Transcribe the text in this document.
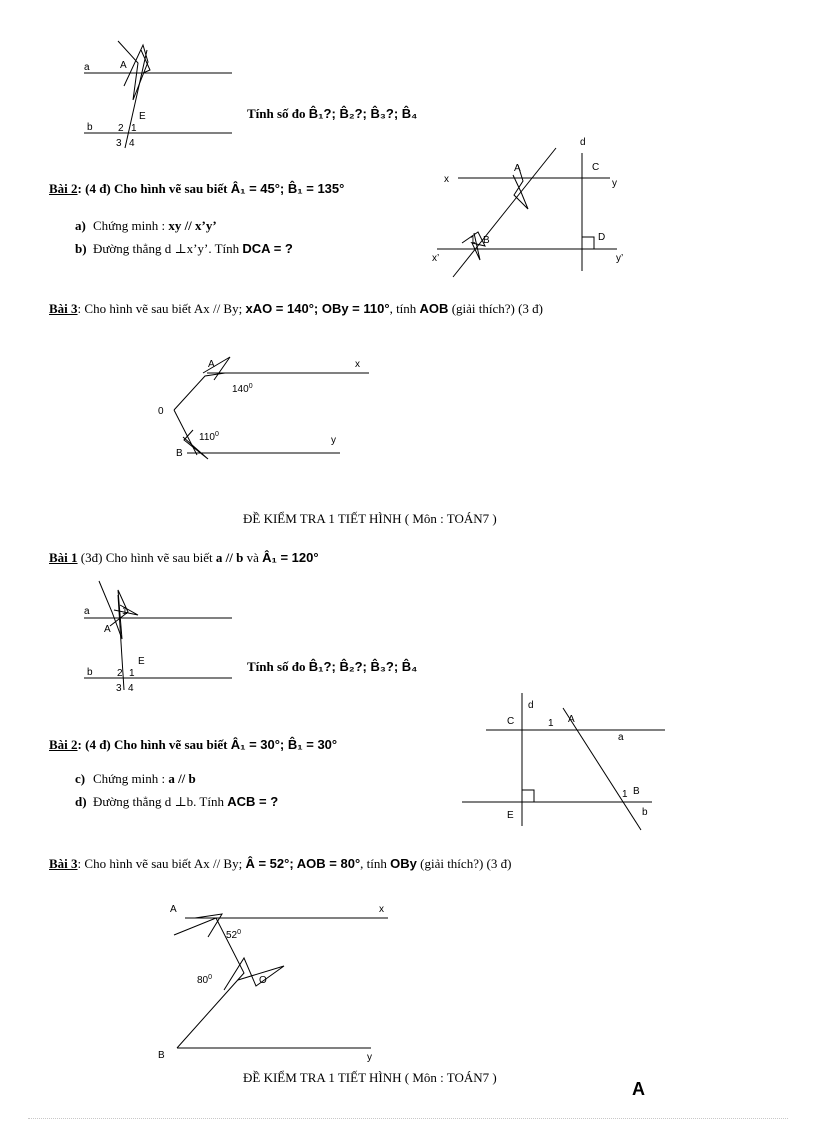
a	A
E
b	2 1
3 4	d
C
x	y
A
D
B
1
x’	y’
A	x
$140^0$
0
$110^0$
y
B
a	1
A
b
E
2 1
3 4
d
C	1 A
a
1 B
E	b
A	x
$52^0$
$80^0$	O
B	y
Tính số đo B̂₁?; B̂₂?; B̂₃?; B̂₄
Bài 2: (4 đ) Cho hình vẽ sau biết Â₁ = 45°; B̂₁ = 135°
a) Chứng minh : xy // x’y’
b) Đường thẳng d ⊥x’y’. Tính DCA = ?
Bài 3: Cho hình vẽ sau biết Ax // By; xAO = 140°; OBy = 110°, tính AOB (giải thích?) (3 đ)
ĐỀ KIỂM TRA 1 TIẾT HÌNH ( Môn : TOÁN7 )
Bài 1 (3đ) Cho hình vẽ sau biết a // b và Â₁ = 120°
Tính số đo B̂₁?; B̂₂?; B̂₃?; B̂₄
Bài 2: (4 đ) Cho hình vẽ sau biết Â₁ = 30°; B̂₁ = 30°
c) Chứng minh : a // b
d) Đường thẳng d ⊥b. Tính ACB = ?
Bài 3: Cho hình vẽ sau biết Ax // By; Â = 52°; AOB = 80°, tính OBy (giải thích?) (3 đ)
ĐỀ KIỂM TRA 1 TIẾT HÌNH ( Môn : TOÁN7 )
A
